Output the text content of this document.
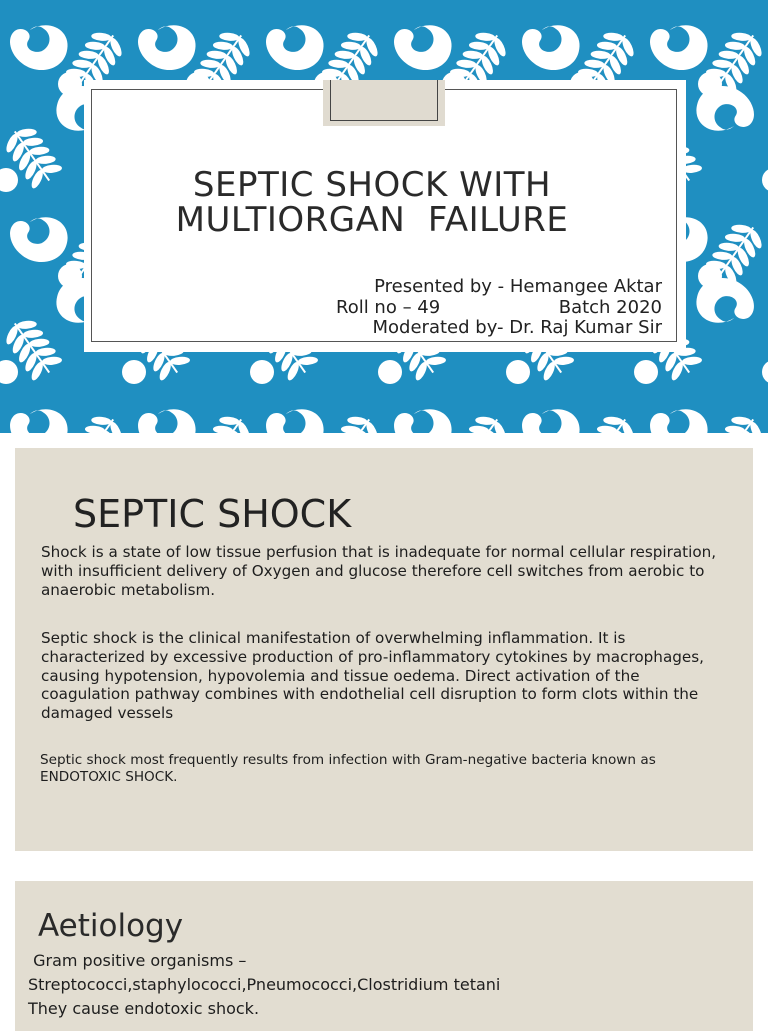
SEPTIC SHOCK WITH
MULTIORGAN  FAILURE
Presented by - Hemangee Aktar
Roll no – 49	Batch 2020
Moderated by- Dr. Raj Kumar Sir
SEPTIC SHOCK
Shock is a state of low tissue perfusion that is inadequate for normal cellular respiration, with insufficient delivery of Oxygen and glucose therefore cell switches from aerobic to anaerobic metabolism.
Septic shock is the clinical manifestation of overwhelming inflammation. It is characterized by excessive production of pro-inflammatory cytokines by macrophages, causing hypotension, hypovolemia and tissue oedema. Direct activation of the coagulation pathway combines with endothelial cell disruption to form clots within the damaged vessels
Septic shock most frequently results from infection with Gram-negative bacteria known as ENDOTOXIC SHOCK.
Aetiology
Gram positive organisms –
Streptococci,staphylococci,Pneumococci,Clostridium tetani
They cause endotoxic shock.
